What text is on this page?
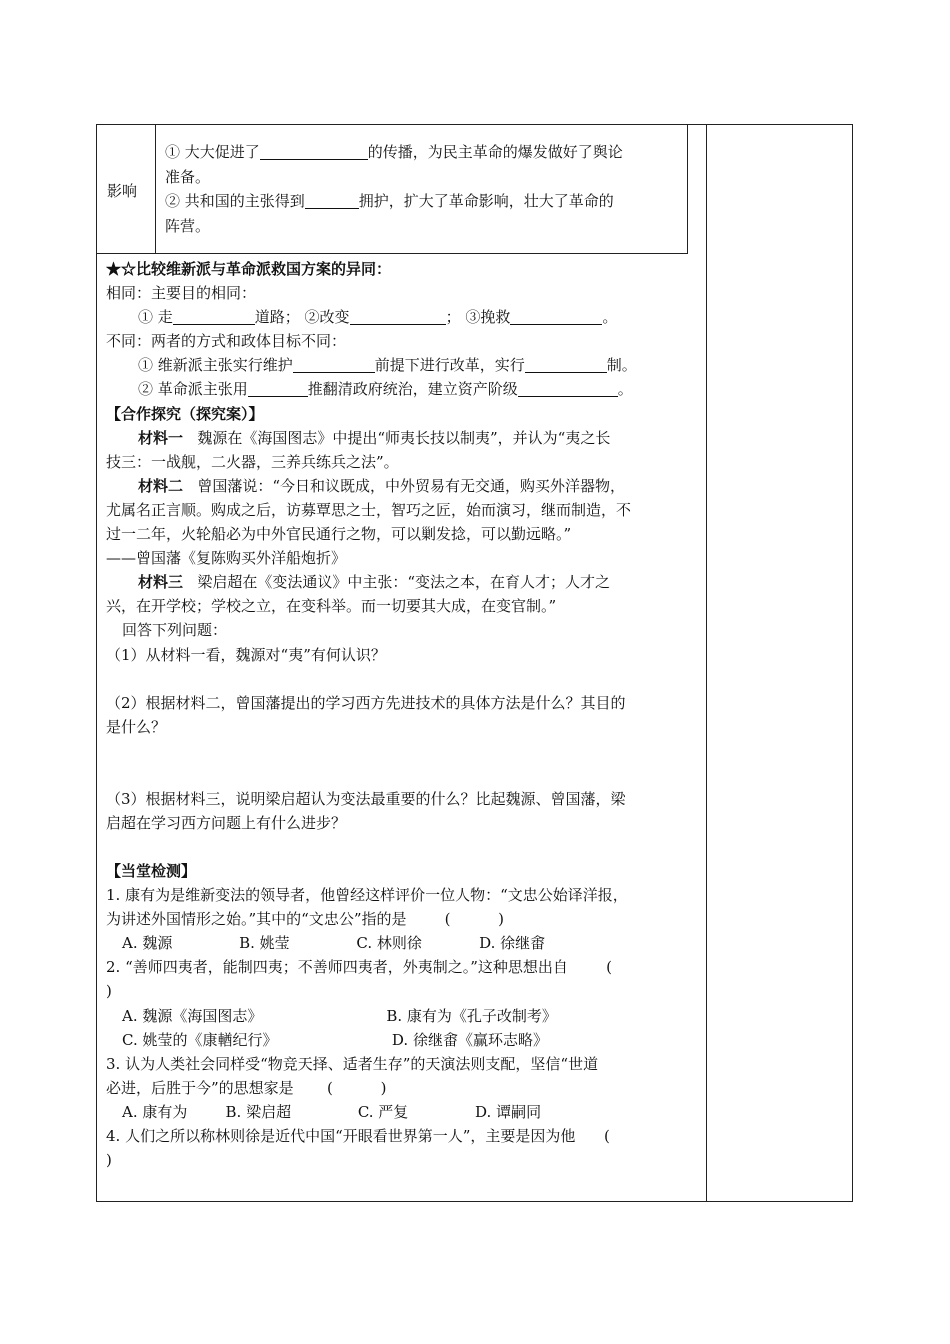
影响

① 大大促进了	的传播，为民主革命的爆发做好了舆论

准备。

② 共和国的主张得到	拥护，扩大了革命影响，壮大了革命的

阵营。

★☆比较维新派与革命派救国方案的异同：

相同：主要目的相同：

① 走	道路； ②改变	； ③挽救	。

不同：两者的方式和政体目标不同：

① 维新派主张实行维护	前提下进行改革，实行	制。

② 革命派主张用	推翻清政府统治，建立资产阶级	。

【合作探究（探究案）】

材料一 魏源在《海国图志》中提出“师夷长技以制夷”，并认为“夷之长

技三：一战舰，二火器，三养兵练兵之法”。

材料二 曾国藩说：“今日和议既成，中外贸易有无交通，购买外洋器物，

尤属名正言顺。购成之后，访募覃思之士，智巧之匠，始而演习，继而制造，不

过一二年，火轮船必为中外官民通行之物，可以剿发捻，可以勤远略。”

——曾国藩《复陈购买外洋船炮折》

材料三 梁启超在《变法通议》中主张：“变法之本，在育人才；人才之

兴，在开学校；学校之立，在变科举。而一切要其大成，在变官制。”

回答下列问题：

（1）从材料一看，魏源对“夷”有何认识？

（2）根据材料二，曾国藩提出的学习西方先进技术的具体方法是什么？其目的

是什么？

（3）根据材料三，说明梁启超认为变法最重要的什么？比起魏源、曾国藩，梁

启超在学习西方问题上有什么进步？

【当堂检测】

1. 康有为是维新变法的领导者，他曾经这样评价一位人物：“文忠公始译洋报，

为讲述外国情形之始。”其中的“文忠公”指的是        (          )

A. 魏源              B. 姚莹              C. 林则徐            D. 徐继畬

2. “善师四夷者，能制四夷；不善师四夷者，外夷制之。”这种思想出自        (

)

A. 魏源《海国图志》                          B. 康有为《孔子改制考》

C. 姚莹的《康輶纪行》                        D. 徐继畬《赢环志略》

3. 认为人类社会同样受“物竞天择、适者生存”的天演法则支配，坚信“世道

必进，后胜于今”的思想家是       (          )

A. 康有为        B. 梁启超              C. 严复              D. 谭嗣同

4. 人们之所以称林则徐是近代中国“开眼看世界第一人”，主要是因为他      (

)
